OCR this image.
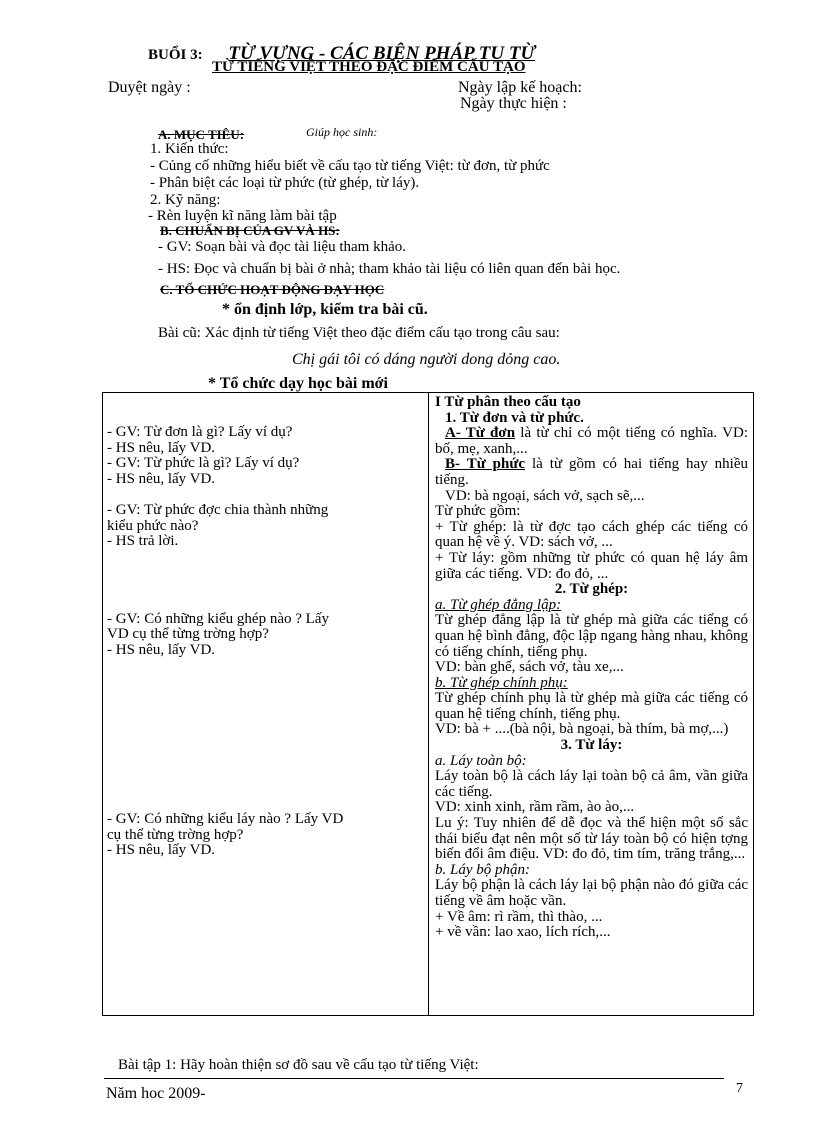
BUỔI 3: TỪ VỰNG - CÁC BIỆN PHÁP TU TỪ
TỪ TIẾNG VIỆT THEO ĐẶC ĐIỂM CẤU TẠO
Duyệt ngày :	Ngày lập kế hoạch:
Ngày thực hiện :
A. MỤC TIÊU:	Giúp học sinh:
1. Kiến thức:
- Củng cố những hiểu biết về cấu tạo từ tiếng Việt: từ đơn, từ phức
- Phân biệt các loại từ phức (từ ghép, từ láy).
2. Kỹ năng:
- Rèn luyện kĩ năng làm bài tập
B. CHUẨN BỊ CỦA GV VÀ HS:
- GV: Soạn bài và đọc tài liệu tham khảo.
- HS: Đọc và chuẩn bị bài ở nhà; tham khảo tài liệu có liên quan đến bài học.
C. TỔ CHỨC HOẠT ĐỘNG DẠY HỌC
* ổn định lớp, kiểm tra bài cũ.
Bài cũ: Xác định từ tiếng Việt theo đặc điểm cấu tạo trong câu sau:
Chị gái tôi có dáng người dong dỏng cao.
* Tổ chức dạy học bài mới
- GV: Từ đơn là gì? Lấy ví dụ?
- HS nêu, lấy VD.
- GV: Từ phức là gì? Lấy ví dụ?
- HS nêu, lấy VD.
- GV: Từ phức đợc chia thành những
kiểu phức nào?
- HS trả lời.
- GV: Có những kiểu ghép nào ? Lấy
VD cụ thể từng trờng hợp?
- HS nêu, lấy VD.
- GV: Có những kiểu láy nào ? Lấy VD
cụ thể từng trờng hợp?
- HS nêu, lấy VD.

I Từ phân theo cấu tạo
1. Từ đơn và từ phức.
A- Từ đơn là từ chỉ có một tiếng có nghĩa. VD: bố, mẹ, xanh,...
B- Từ phức là từ gồm có hai tiếng hay nhiều tiếng.
VD: bà ngoại, sách vở, sạch sẽ,...
Từ phức gồm:
+ Từ ghép: là từ đợc tạo cách ghép các tiếng có quan hệ về ý. VD: sách vở, ...
+ Từ láy: gồm những từ phức có quan hệ láy âm giữa các tiếng. VD: đo đỏ, ...
2. Từ ghép:
a. Từ ghép đẳng lập:
Từ ghép đẳng lập là từ ghép mà giữa các tiếng có quan hệ bình đẳng, độc lập ngang hàng nhau, không có tiếng chính, tiếng phụ.
VD: bàn ghế, sách vở, tàu xe,...
b. Từ ghép chính phụ:
Từ ghép chính phụ là từ ghép mà giữa các tiếng có quan hệ tiếng chính, tiếng phụ.
VD: bà + ....(bà nội, bà ngoại, bà thím, bà mợ,...)
3. Từ láy:
a. Láy toàn bộ:
Láy toàn bộ là cách láy lại toàn bộ cả âm, vần giữa các tiếng.
VD: xinh xinh, rầm rầm, ào ào,...
Lu ý: Tuy nhiên để dễ đọc và thể hiện một số sắc thái biểu đạt nên một số từ láy toàn bộ có hiện tợng biến đổi âm điệu. VD: đo đỏ, tim tím, trăng trắng,...
b. Láy bộ phận:
Láy bộ phận là cách láy lại bộ phận nào đó giữa các tiếng về âm hoặc vần.
+ Về âm: rì rầm, thì thào, ...
+ về vần: lao xao, lích rích,...
Bài tập 1: Hãy hoàn thiện sơ đồ sau về cấu tạo từ tiếng Việt:
Năm hoc 2009-	7
